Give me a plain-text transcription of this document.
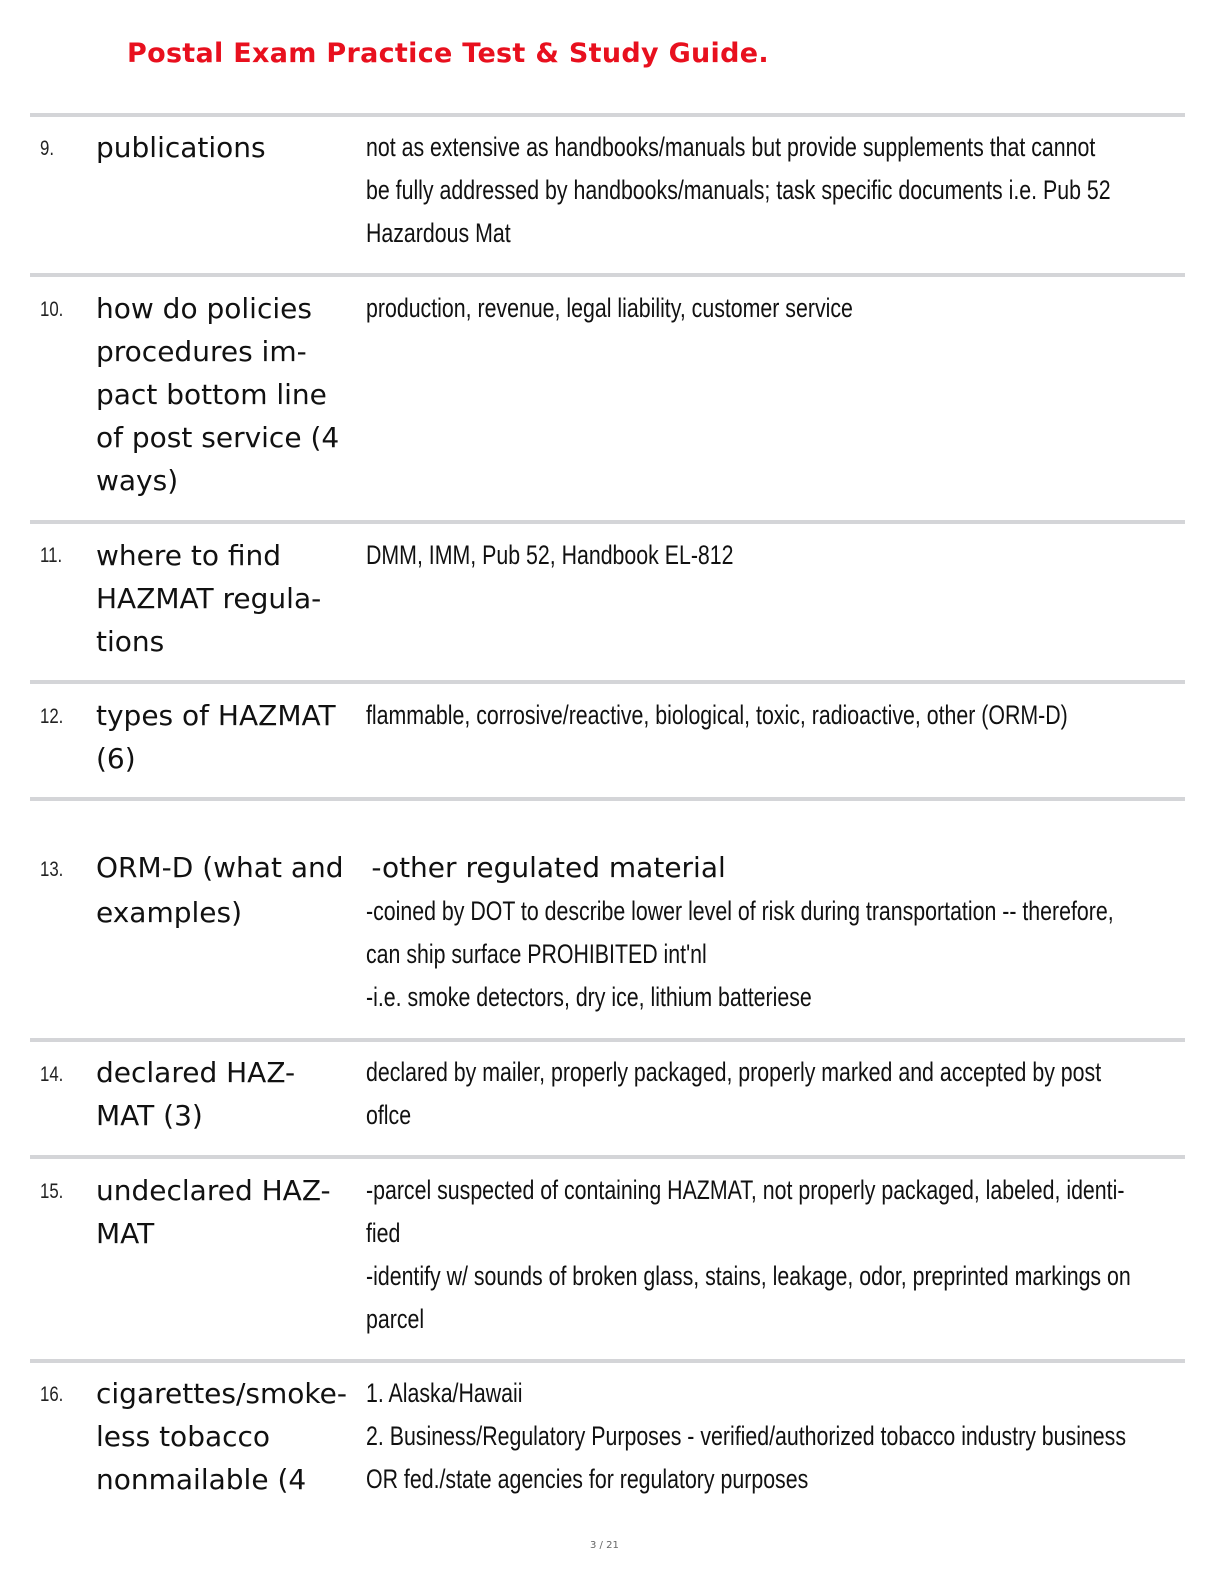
Postal Exam Practice Test & Study Guide.
9. publications	not as extensive as handbooks/manuals but provide supplements that cannot
be fully addressed by handbooks/manuals; task specific documents i.e. Pub 52
Hazardous Mat
10. how do policies
procedures im-
pact bottom line
of post service (4
ways)
production, revenue, legal liability, customer service
11. where to find
HAZMAT regula-
tions
DMM, IMM, Pub 52, Handbook EL-812
12. types of HAZMAT
(6)
flammable, corrosive/reactive, biological, toxic, radioactive, other (ORM-D)
13. ORM-D (what and -other regulated material
examples)	-coined by DOT to describe lower level of risk during transportation -- therefore,
can ship surface PROHIBITED int'nl
-i.e. smoke detectors, dry ice, lithium batteriese
14. declared HAZ-
MAT (3)
declared by mailer, properly packaged, properly marked and accepted by post
oflce
15. undeclared HAZ-
MAT
-parcel suspected of containing HAZMAT, not properly packaged, labeled, identi-
fied
-identify w/ sounds of broken glass, stains, leakage, odor, preprinted markings on
parcel
16. cigarettes/smoke-
less tobacco
nonmailable (4
1. Alaska/Hawaii
2. Business/Regulatory Purposes - verified/authorized tobacco industry business
OR fed./state agencies for regulatory purposes
3 / 21
